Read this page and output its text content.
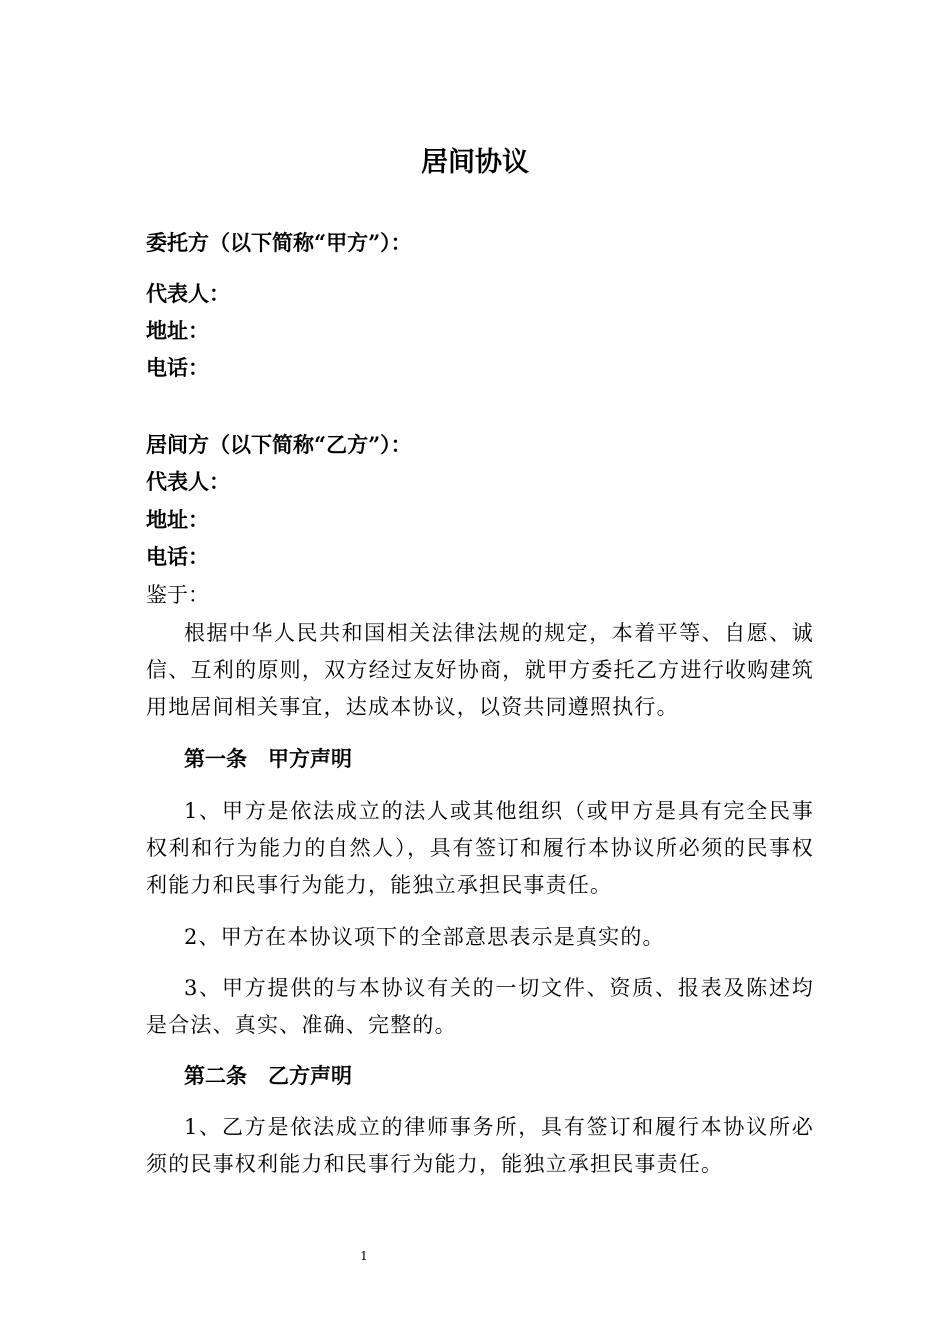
居间协议
委托方（以下简称“甲方”）：
代表人：
地址：
电话：
居间方（以下简称“乙方”）：
代表人：
地址：
电话：
鉴于：
根据中华人民共和国相关法律法规的规定，本着平等、自愿、诚信、互利的原则，双方经过友好协商，就甲方委托乙方进行收购建筑用地居间相关事宜，达成本协议，以资共同遵照执行。
第一条　甲方声明
1、甲方是依法成立的法人或其他组织（或甲方是具有完全民事权利和行为能力的自然人），具有签订和履行本协议所必须的民事权利能力和民事行为能力，能独立承担民事责任。
2、甲方在本协议项下的全部意思表示是真实的。
3、甲方提供的与本协议有关的一切文件、资质、报表及陈述均是合法、真实、准确、完整的。
第二条　乙方声明
1、乙方是依法成立的律师事务所，具有签订和履行本协议所必须的民事权利能力和民事行为能力，能独立承担民事责任。
1
